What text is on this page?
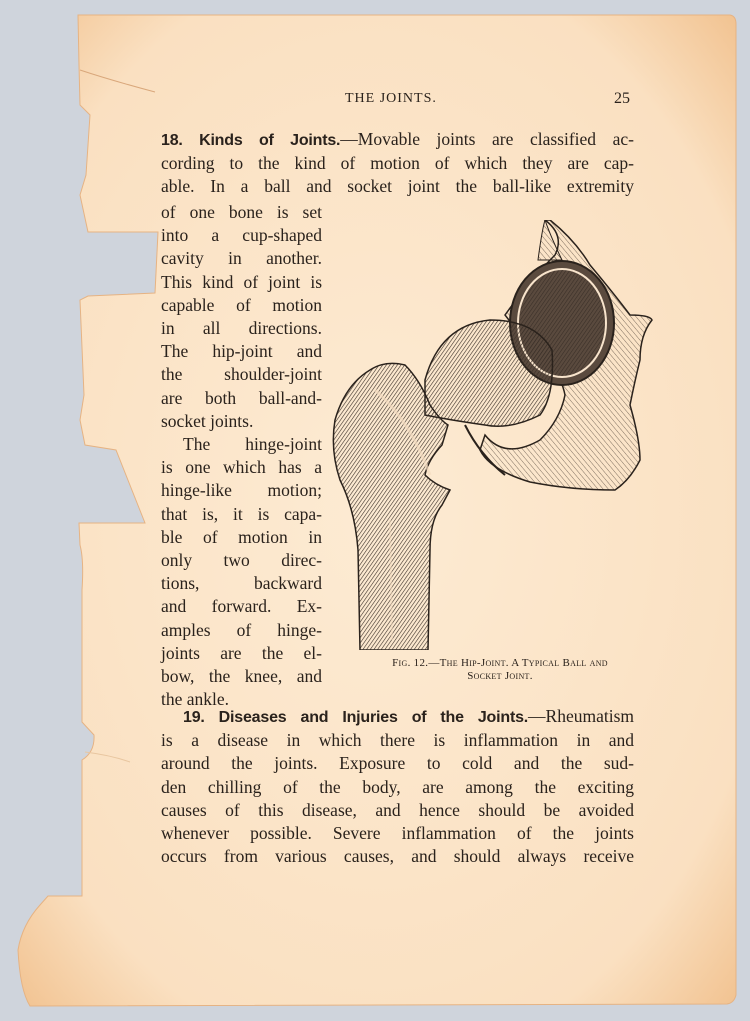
THE JOINTS.	25
18. Kinds of Joints.—Movable joints are classified ac-
cording to the kind of motion of which they are cap-
able. In a ball and socket joint the ball-like extremity
of one bone is set
into a cup-shaped
cavity in another.
This kind of joint is
capable of motion
in all directions.
The hip-joint and
the shoulder-joint
are both ball-and-
socket joints.
The hinge-joint
is one which has a
hinge-like motion;
that is, it is capa-
ble of motion in
only two direc-
tions, backward
and forward. Ex-
amples of hinge-
joints are the el-
bow, the knee, and
the ankle.
Fig. 12.—The Hip-Joint. A Typical Ball and
Socket Joint.
19. Diseases and Injuries of the Joints.—Rheumatism
is a disease in which there is inflammation in and
around the joints. Exposure to cold and the sud-
den chilling of the body, are among the exciting
causes of this disease, and hence should be avoided
whenever possible. Severe inflammation of the joints
occurs from various causes, and should always receive
